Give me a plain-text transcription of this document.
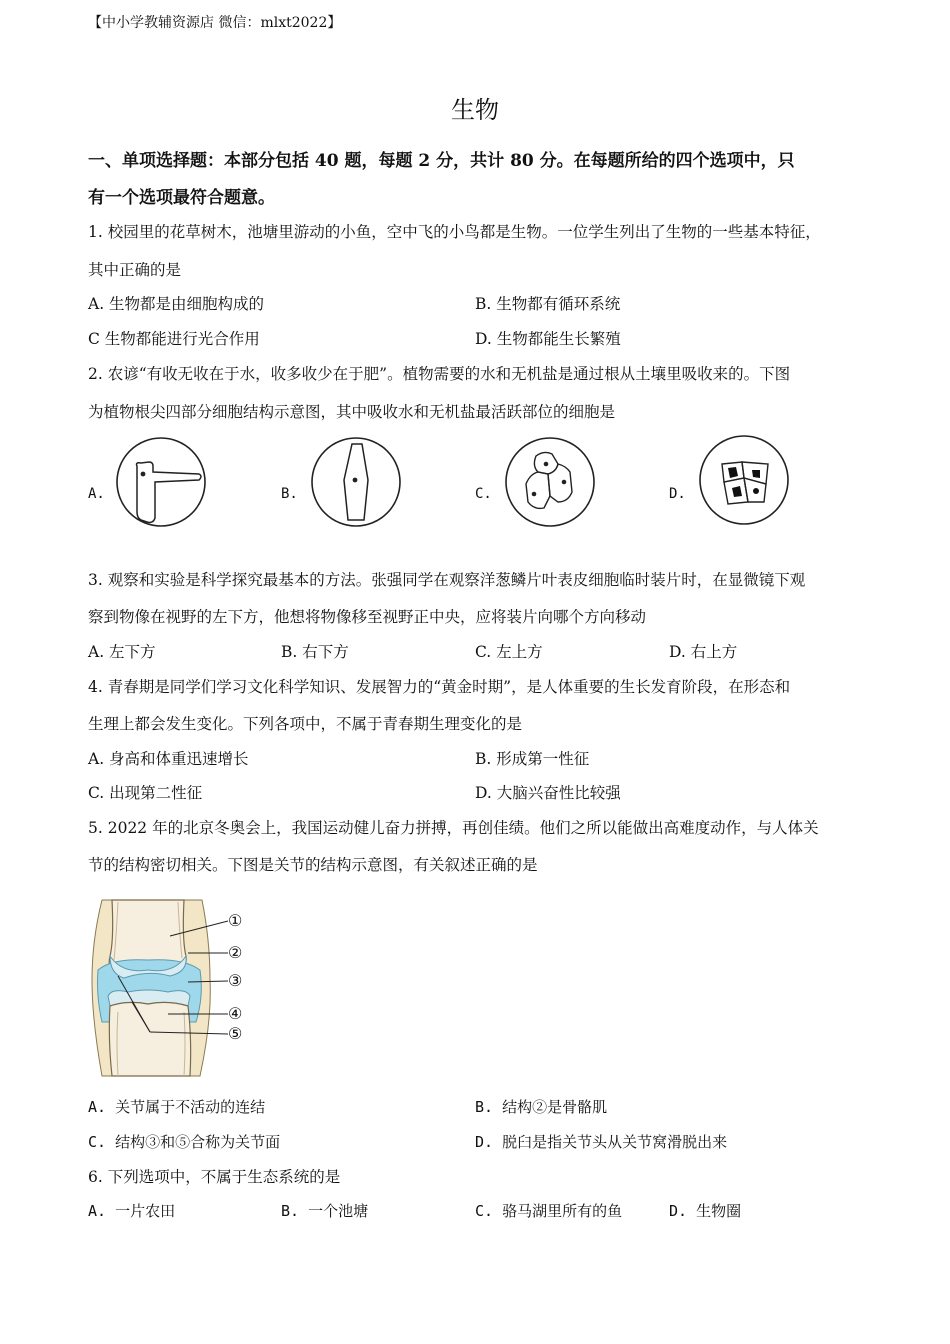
【中小学教辅资源店 微信：mlxt2022】
生物
一、单项选择题：本部分包括 40 题，每题 2 分，共计 80 分。在每题所给的四个选项中，只
有一个选项最符合题意。
1. 校园里的花草树木，池塘里游动的小鱼，空中飞的小鸟都是生物。一位学生列出了生物的一些基本特征，
其中正确的是
A. 生物都是由细胞构成的	B. 生物都有循环系统
C 生物都能进行光合作用	D. 生物都能生长繁殖
2. 农谚“有收无收在于水，收多收少在于肥”。植物需要的水和无机盐是通过根从土壤里吸收来的。下图
为植物根尖四部分细胞结构示意图，其中吸收水和无机盐最活跃部位的细胞是
A.	B.	C.	D.
3. 观察和实验是科学探究最基本的方法。张强同学在观察洋葱鳞片叶表皮细胞临时装片时，在显微镜下观
察到物像在视野的左下方，他想将物像移至视野正中央，应将装片向哪个方向移动
A. 左下方	B. 右下方	C. 左上方	D. 右上方
4. 青春期是同学们学习文化科学知识、发展智力的“黄金时期”，是人体重要的生长发育阶段，在形态和
生理上都会发生变化。下列各项中，不属于青春期生理变化的是
A. 身高和体重迅速增长	B. 形成第一性征
C. 出现第二性征	D. 大脑兴奋性比较强
5. 2022 年的北京冬奥会上，我国运动健儿奋力拼搏，再创佳绩。他们之所以能做出高难度动作，与人体关
节的结构密切相关。下图是关节的结构示意图，有关叙述正确的是
①
②
③
④
⑤
A. 关节属于不活动的连结	B. 结构②是骨骼肌
C. 结构③和⑤合称为关节面	D. 脱臼是指关节头从关节窝滑脱出来
6. 下列选项中，不属于生态系统的是
A. 一片农田	B. 一个池塘	C. 骆马湖里所有的鱼	D. 生物圈
